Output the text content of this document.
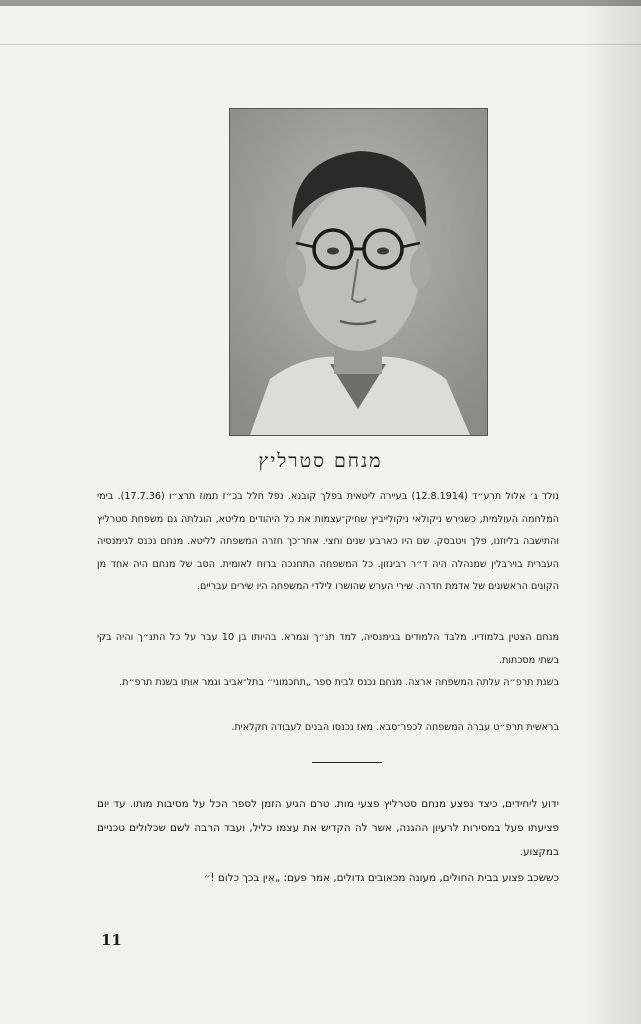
מנחם סטרליץ
נולד ג׳ אלול תרע״ד (12.8.1914) בעיירה ליטאית בפלך קובנא. נפל חלל בכ״ז תמוז תרצ״ו (17.7.36). בימי המלחמה העולמית, כשגירש ניקולאי ניקולייביץ שחיק־עצמות את כל היהודים מליטא, הוגלתה גם משפחת סטרליץ והתישבה בליוזנו, פלך ויטבסק. שם היו כארבע שנים וחצי. אחר־כך חזרה המשפחה לליטא. מנחם נכנס לגימנסיה העברית בוירבלין שמנהלה היה ד״ר רבינזון. כל המשפחה התחנכה ברוח לאומית. הסב של מנחם היה אחד מן הקונים הראשונים של אדמת חדרה. שירי הערש שהושרו לילדי המשפחה היו שירים עבריים.
מנחם הצטין בלמודיו. מלבד הלמודים בגימנסיה, למד תנ״ך וגמרא. בהיותו בן 10 עבר על כל התנ״ך והיה בקי בשתי מסכתות.
בשנת תרפ״ה עלתה המשפחה ארצה. מנחם נכנס לבית ספר „תחכמוני״ בתל־אביב וגמר אותו בשנת תרפ״ת.
בראשית תרפ״ט עברה המשפחה לכפר־סבא. מאז נכנסו הבנים לעבודה חקלאית.
ידוע ליחידים, כיצד נפצע מנחם סטרליץ פצעי מות. טרם הגיע הזמן לספר הכל על מסיבות מותו. עד יום פציעתו פעל במסירות לרעיון ההגנה, אשר לה הקדיש את עצמו כליל, ועבד הרבה לשם שכלולים טכניים במקצוע.
כששכב פצוע בבית החולים, מעונה מכאובים גדולים, אמר פעם: „אין בכך כלום !״
11
